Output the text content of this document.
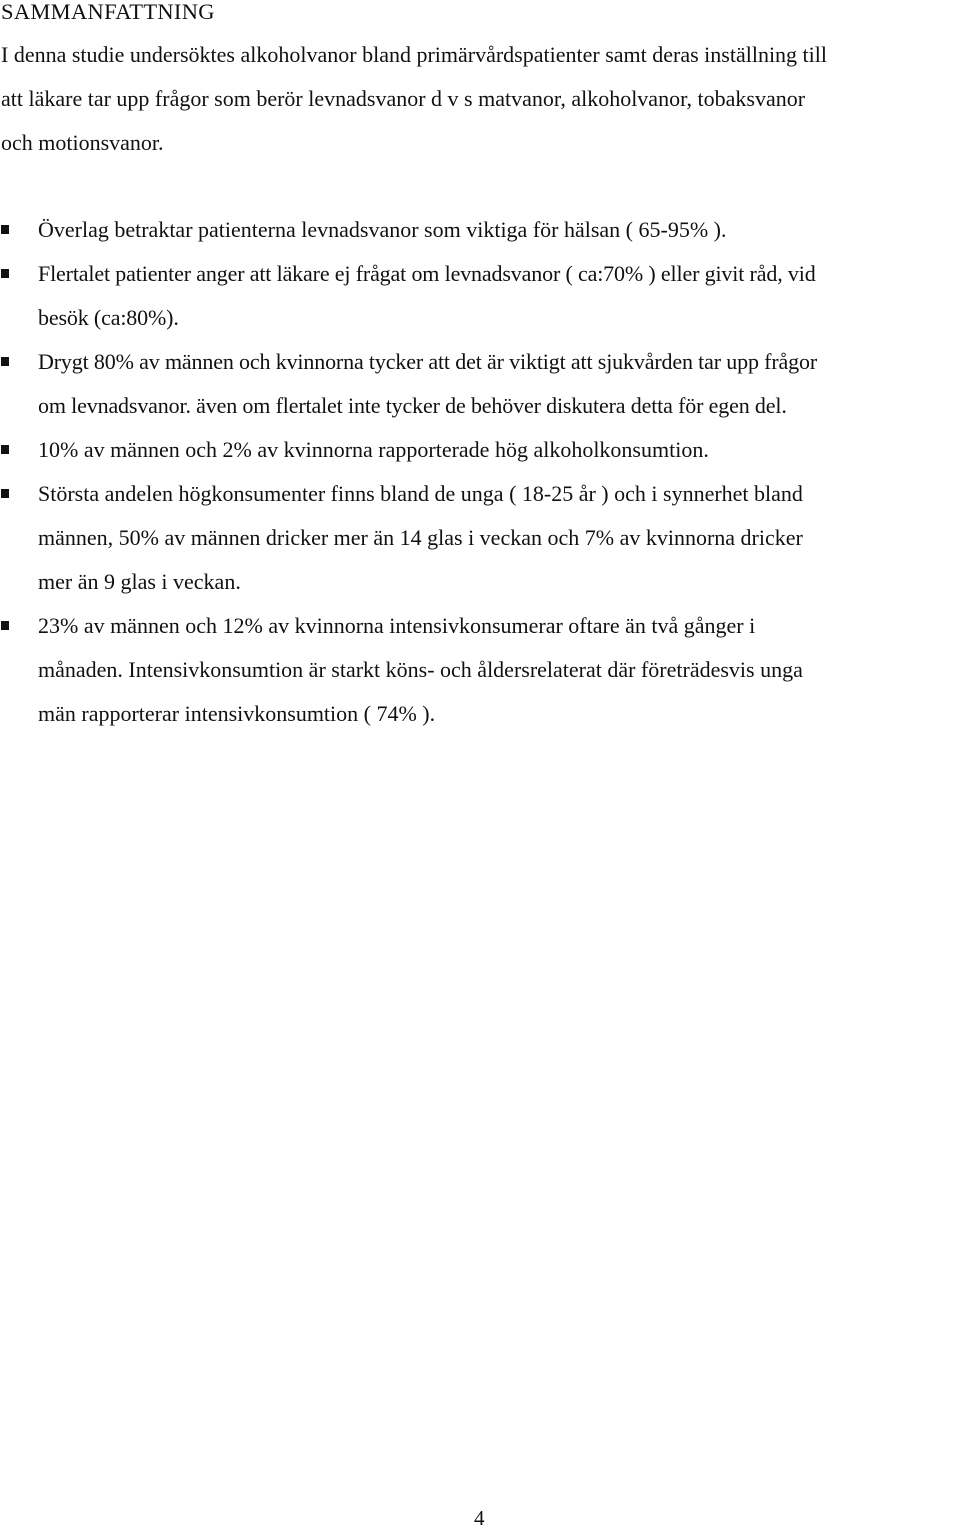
SAMMANFATTNING

I denna studie undersöktes alkoholvanor bland primärvårdspatienter samt deras inställning till
att läkare tar upp frågor som berör levnadsvanor d v s matvanor, alkoholvanor, tobaksvanor
och motionsvanor.

Överlag betraktar patienterna levnadsvanor som viktiga för hälsan ( 65-95% ).
Flertalet patienter anger att läkare ej frågat om levnadsvanor ( ca:70% ) eller givit råd, vid
besök (ca:80%).
Drygt 80% av männen och kvinnorna tycker att det är viktigt att sjukvården tar upp frågor
om levnadsvanor. även om flertalet inte tycker de behöver diskutera detta för egen del.
10% av männen och 2% av kvinnorna rapporterade hög alkoholkonsumtion.
Största andelen högkonsumenter finns bland de unga ( 18-25 år ) och i synnerhet bland
männen, 50% av männen dricker mer än 14 glas i veckan och 7% av kvinnorna dricker
mer än 9 glas i veckan.
23% av männen och 12% av kvinnorna intensivkonsumerar oftare än två gånger i
månaden. Intensivkonsumtion är starkt köns- och åldersrelaterat där företrädesvis unga
män rapporterar intensivkonsumtion ( 74% ).
4
